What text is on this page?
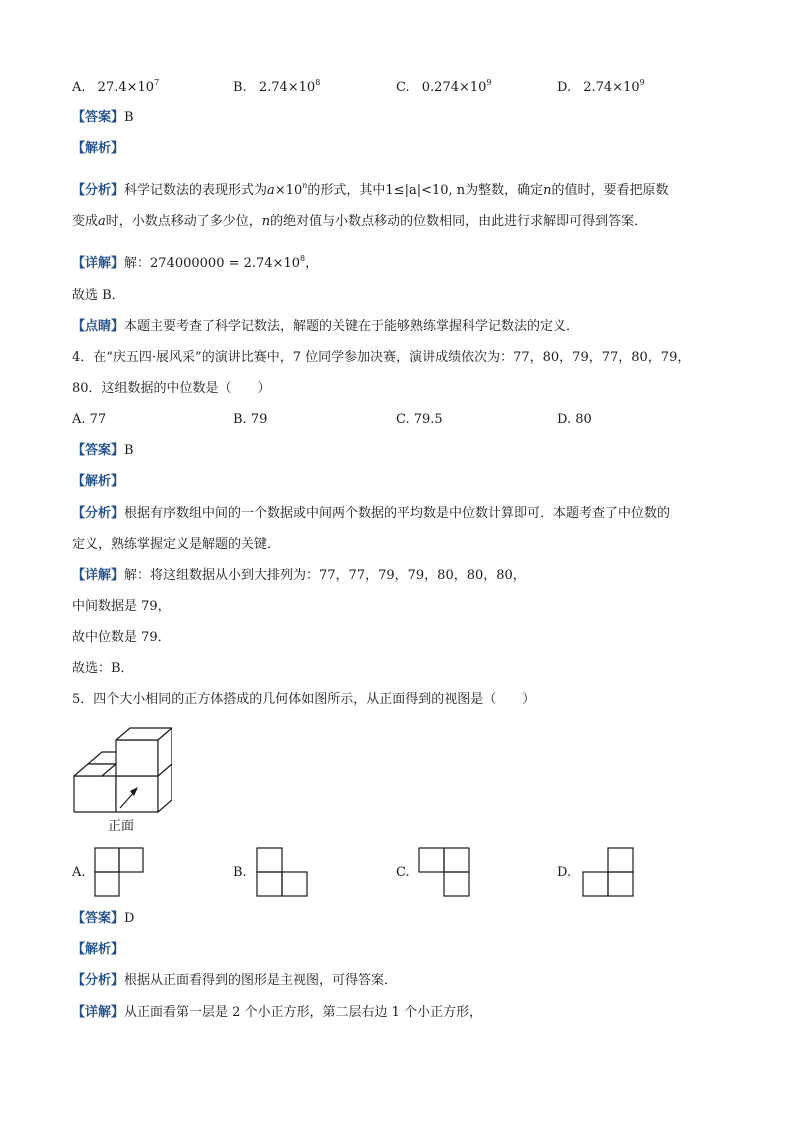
A. $27.4\times 10^7$	B. $2.74\times 10^8$	C. $0.274\times 10^9$	D. $2.74\times 10^9$
【答案】B
【解析】
【分析】科学记数法的表现形式为$a\times 10^n$的形式，其中1≤|a|<10, n为整数，确定n的值时，要看把原数
变成a时，小数点移动了多少位，n的绝对值与小数点移动的位数相同，由此进行求解即可得到答案．
【详解】解：$274000000 = 2.74\times 10^8$，
故选 B．
【点睛】本题主要考查了科学记数法，解题的关键在于能够熟练掌握科学记数法的定义．
4．在“庆五四·展风采”的演讲比赛中，7 位同学参加决赛，演讲成绩依次为：77，80，79，77，80，79，
80．这组数据的中位数是（　　）
A. 77	B. 79	C. 79.5	D. 80
【答案】B
【解析】
【分析】根据有序数组中间的一个数据或中间两个数据的平均数是中位数计算即可．本题考查了中位数的
定义，熟练掌握定义是解题的关键．
【详解】解：将这组数据从小到大排列为：77，77，79，79，80，80，80，
中间数据是 79，
故中位数是 79．
故选：B．
5．四个大小相同的正方体搭成的几何体如图所示，从正面得到的视图是（　　）
正面
A.	B.	C.	D.
【答案】D
【解析】
【分析】根据从正面看得到的图形是主视图，可得答案．
【详解】从正面看第一层是 2 个小正方形，第二层右边 1 个小正方形，
